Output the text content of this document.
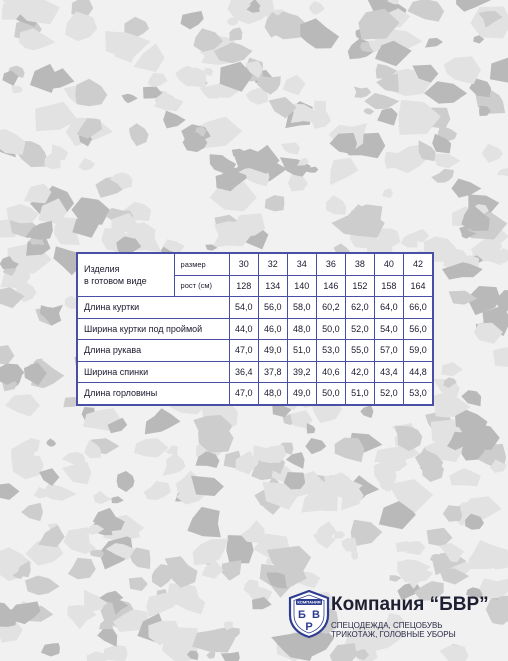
Изделия
в готовом виде	размер	30	32	34	36	38	40	42
	рост (см)	128	134	140	146	152	158	164
Длина куртки		54,0	56,0	58,0	60,2	62,0	64,0	66,0
Ширина куртки под проймой		44,0	46,0	48,0	50,0	52,0	54,0	56,0
Длина рукава		47,0	49,0	51,0	53,0	55,0	57,0	59,0
Ширина спинки		36,4	37,8	39,2	40,6	42,0	43,4	44,8
Длина горловины		47,0	48,0	49,0	50,0	51,0	52,0	53,0
КОМПАНИЯ
Б В
Р
Компания “БВР”
СПЕЦОДЕЖДА, СПЕЦОБУВЬ
ТРИКОТАЖ, ГОЛОВНЫЕ УБОРЫ
